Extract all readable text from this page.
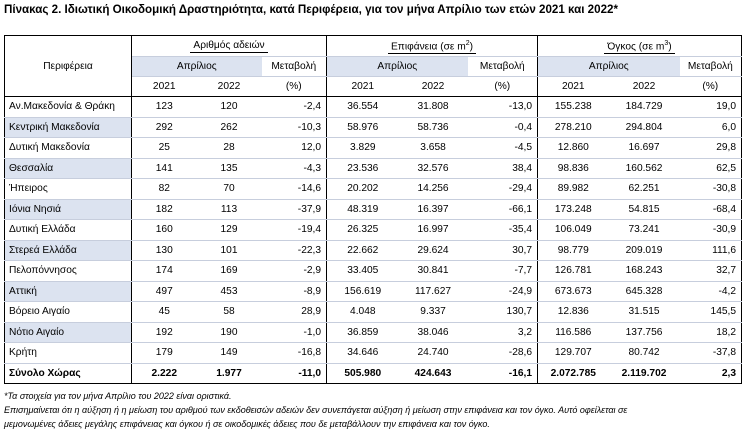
Πίνακας 2. Ιδιωτική Οικοδομική Δραστηριότητα, κατά Περιφέρεια, για τον μήνα Απρίλιο των ετών 2021 και 2022*
Περιφέρεια	Αριθμός αδειών			Επιφάνεια (σε $m^2$)			Όγκος (σε $m^3$)		
	Απρίλιος		Μεταβολή	Απρίλιος		Μεταβολή	Απρίλιος		Μεταβολή
	2021	2022	(%)	2021	2022	(%)	2021	2022	(%)
Αν.Μακεδονία & Θράκη	123	120	-2,4	36.554	31.808	-13,0	155.238	184.729	19,0
Κεντρική Μακεδονία	292	262	-10,3	58.976	58.736	-0,4	278.210	294.804	6,0
Δυτική Μακεδονία	25	28	12,0	3.829	3.658	-4,5	12.860	16.697	29,8
Θεσσαλία	141	135	-4,3	23.536	32.576	38,4	98.836	160.562	62,5
Ήπειρος	82	70	-14,6	20.202	14.256	-29,4	89.982	62.251	-30,8
Ιόνια Νησιά	182	113	-37,9	48.319	16.397	-66,1	173.248	54.815	-68,4
Δυτική Ελλάδα	160	129	-19,4	26.325	16.997	-35,4	106.049	73.241	-30,9
Στερεά Ελλάδα	130	101	-22,3	22.662	29.624	30,7	98.779	209.019	111,6
Πελοπόννησος	174	169	-2,9	33.405	30.841	-7,7	126.781	168.243	32,7
Αττική	497	453	-8,9	156.619	117.627	-24,9	673.673	645.328	-4,2
Βόρειο Αιγαίο	45	58	28,9	4.048	9.337	130,7	12.836	31.515	145,5
Νότιο Αιγαίο	192	190	-1,0	36.859	38.046	3,2	116.586	137.756	18,2
Κρήτη	179	149	-16,8	34.646	24.740	-28,6	129.707	80.742	-37,8
Σύνολο Χώρας	2.222	1.977	-11,0	505.980	424.643	-16,1	2.072.785	2.119.702	2,3
*Τα στοιχεία για τον μήνα Απρίλιο του 2022 είναι οριστικά.
Επισημαίνεται ότι η αύξηση ή η μείωση του αριθμού των εκδοθεισών αδειών δεν συνεπάγεται αύξηση ή μείωση στην επιφάνεια και τον όγκο. Αυτό οφείλεται σε
μεμονωμένες άδειες μεγάλης επιφάνειας και όγκου ή σε οικοδομικές άδειες που δε μεταβάλλουν την επιφάνεια και τον όγκο.
